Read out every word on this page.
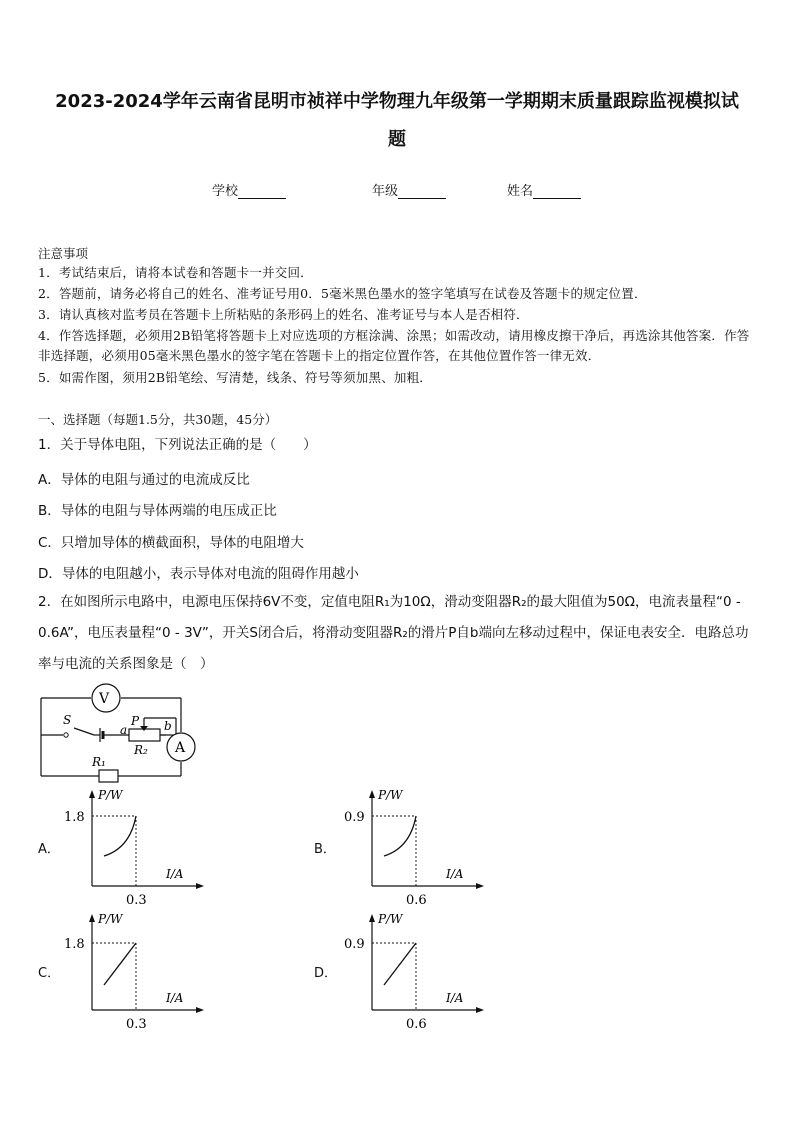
2023-2024学年云南省昆明市祯祥中学物理九年级第一学期期末质量跟踪监视模拟试
题
学校	年级	姓名
注意事项
1．考试结束后，请将本试卷和答题卡一并交回．
2．答题前，请务必将自己的姓名、准考证号用0．5毫米黑色墨水的签字笔填写在试卷及答题卡的规定位置．
3．请认真核对监考员在答题卡上所粘贴的条形码上的姓名、准考证号与本人是否相符．
4．作答选择题，必须用2B铅笔将答题卡上对应选项的方框涂满、涂黑；如需改动，请用橡皮擦干净后，再选涂其他答案．作答非选择题，必须用05毫米黑色墨水的签字笔在答题卡上的指定位置作答，在其他位置作答一律无效．
5．如需作图，须用2B铅笔绘、写清楚，线条、符号等须加黑、加粗．
一、选择题（每题1.5分，共30题，45分）
1．关于导体电阻，下列说法正确的是（　　）
A．导体的电阻与通过的电流成反比
B．导体的电阻与导体两端的电压成正比
C．只增加导体的横截面积，导体的电阻增大
D．导体的电阻越小，表示导体对电流的阻碍作用越小
2．在如图所示电路中，电源电压保持6V不变，定值电阻R₁为10Ω，滑动变阻器R₂的最大阻值为50Ω，电流表量程“0 - 0.6A”，电压表量程“0 - 3V”，开关S闭合后，将滑动变阻器R₂的滑片P自b端向左移动过程中，保证电表安全．电路总功率与电流的关系图象是（　）
V
A
S	P
a	b
R₂
R₁
A．
P/W
I/A
1.8
0.3
B．
P/W
I/A
0.9
0.6
C．
P/W
I/A
1.8
0.3
D．
P/W
I/A
0.9
0.6
